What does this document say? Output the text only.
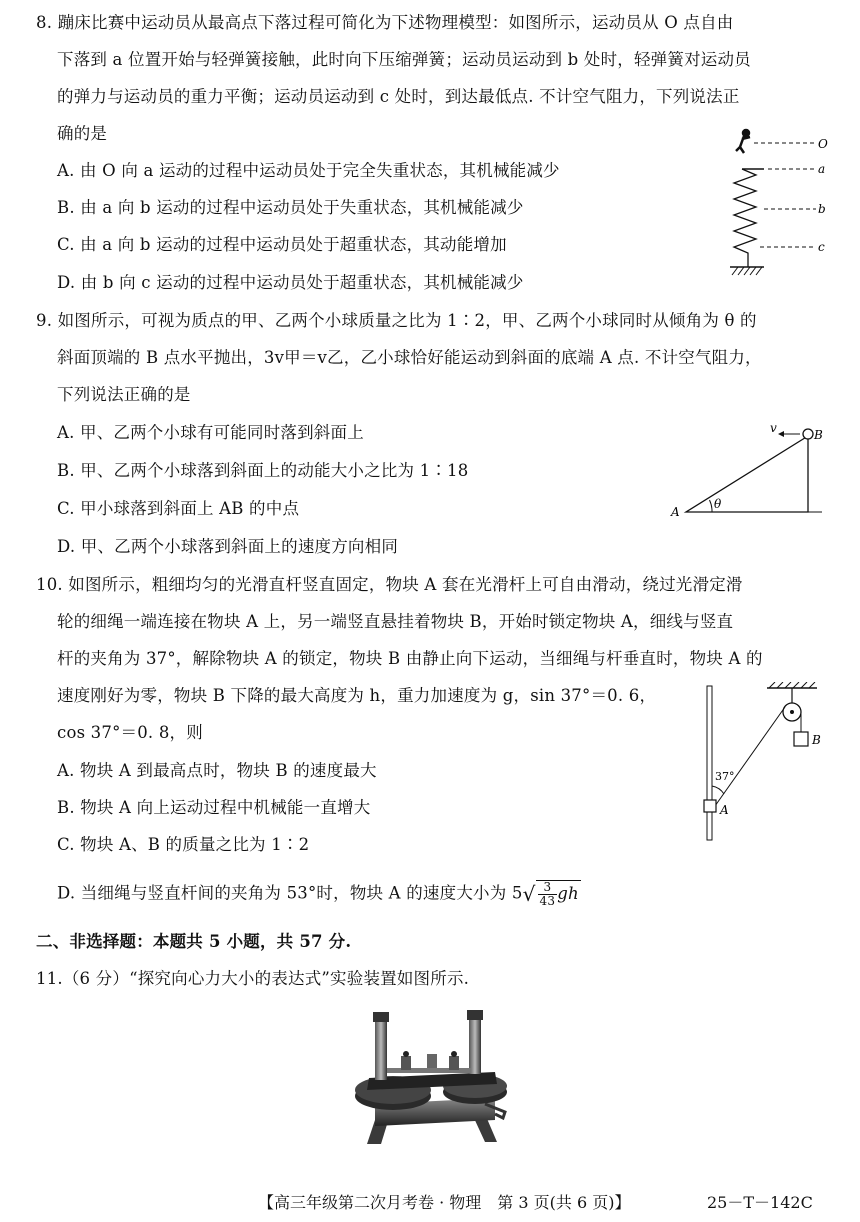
8. 蹦床比赛中运动员从最高点下落过程可简化为下述物理模型：如图所示，运动员从 O 点自由
下落到 a 位置开始与轻弹簧接触，此时向下压缩弹簧；运动员运动到 b 处时，轻弹簧对运动员
的弹力与运动员的重力平衡；运动员运动到 c 处时，到达最低点. 不计空气阻力，下列说法正
确的是
A. 由 O 向 a 运动的过程中运动员处于完全失重状态，其机械能减少
B. 由 a 向 b 运动的过程中运动员处于失重状态，其机械能减少
C. 由 a 向 b 运动的过程中运动员处于超重状态，其动能增加
D. 由 b 向 c 运动的过程中运动员处于超重状态，其机械能减少
O
a
b
c
9. 如图所示，可视为质点的甲、乙两个小球质量之比为 1∶2，甲、乙两个小球同时从倾角为 θ 的
斜面顶端的 B 点水平抛出，3v甲＝v乙，乙小球恰好能运动到斜面的底端 A 点. 不计空气阻力，
下列说法正确的是
A. 甲、乙两个小球有可能同时落到斜面上
B. 甲、乙两个小球落到斜面上的动能大小之比为 1∶18
C. 甲小球落到斜面上 AB 的中点
D. 甲、乙两个小球落到斜面上的速度方向相同
θ
A
B
v
10. 如图所示，粗细均匀的光滑直杆竖直固定，物块 A 套在光滑杆上可自由滑动，绕过光滑定滑
轮的细绳一端连接在物块 A 上，另一端竖直悬挂着物块 B，开始时锁定物块 A，细线与竖直
杆的夹角为 37°，解除物块 A 的锁定，物块 B 由静止向下运动，当细绳与杆垂直时，物块 A 的
速度刚好为零，物块 B 下降的最大高度为 h，重力加速度为 g，sin 37°＝0. 6，
cos 37°＝0. 8，则
A. 物块 A 到最高点时，物块 B 的速度最大
B. 物块 A 向上运动过程中机械能一直增大
C. 物块 A、B 的质量之比为 1∶2
D. 当细绳与竖直杆间的夹角为 53°时，物块 A 的速度大小为 $5√ \frac{3}{43}$ gh
B
A
37°
二、非选择题：本题共 5 小题，共 57 分.
11.（6 分）“探究向心力大小的表达式”实验装置如图所示.
【高三年级第二次月考卷 · 物理　第 3 页(共 6 页)】	25－T－142C
